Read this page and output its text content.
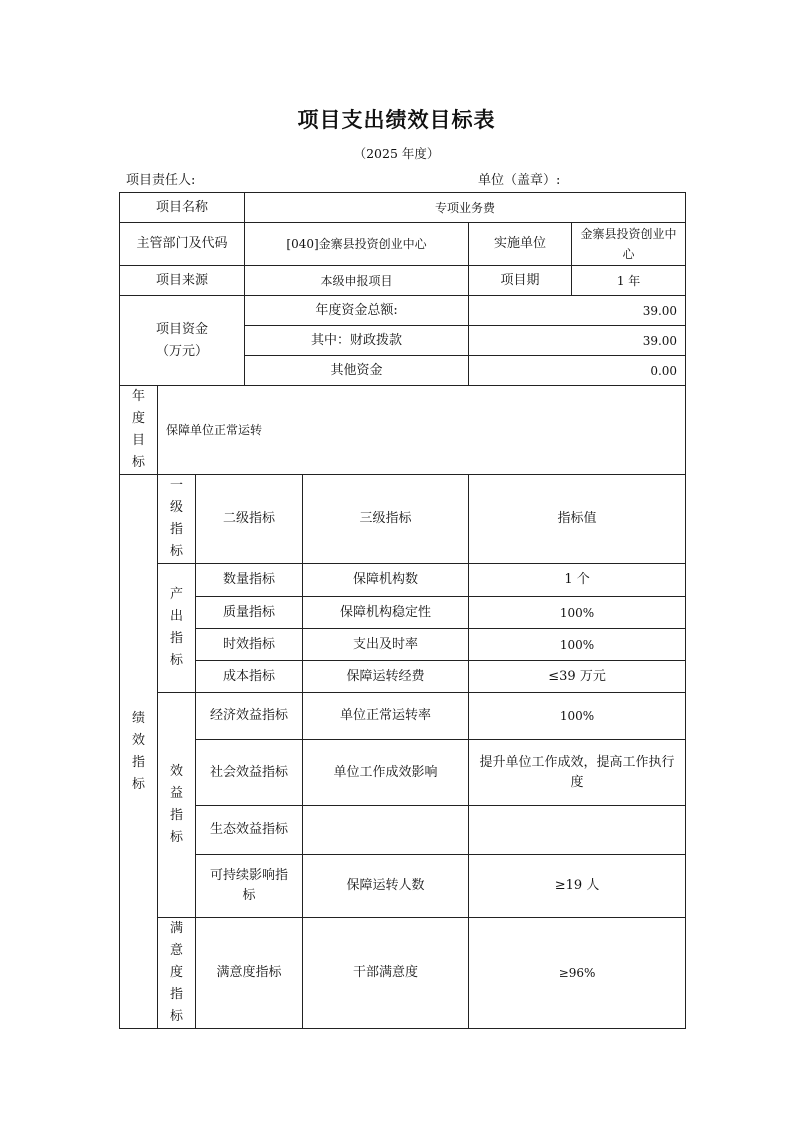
项目支出绩效目标表
（2025 年度）
项目责任人:	单位（盖章）:
项目名称			专项业务费			
主管部门及代码			[040]金寨县投资创业中心		实施单位	金寨县投资创业中心
项目来源			本级申报项目		项目期	1 年
项目资金（万元）			年度资金总额:		39.00	
			其中：财政拨款		39.00	
			其他资金		0.00	
年度目标	保障单位正常运转					
绩效指标	一级指标	二级指标		三级指标	指标值	
	产出指标	数量指标		保障机构数	1 个	
		质量指标		保障机构稳定性	100%	
		时效指标		支出及时率	100%	
		成本指标		保障运转经费	≤39 万元	
	效益指标	经济效益指标		单位正常运转率	100%	
		社会效益指标		单位工作成效影响	提升单位工作成效，提高工作执行度	
		生态效益指标				
		可持续影响指标		保障运转人数	≥19 人	
	满意度指标	满意度指标		干部满意度	≥96%	
